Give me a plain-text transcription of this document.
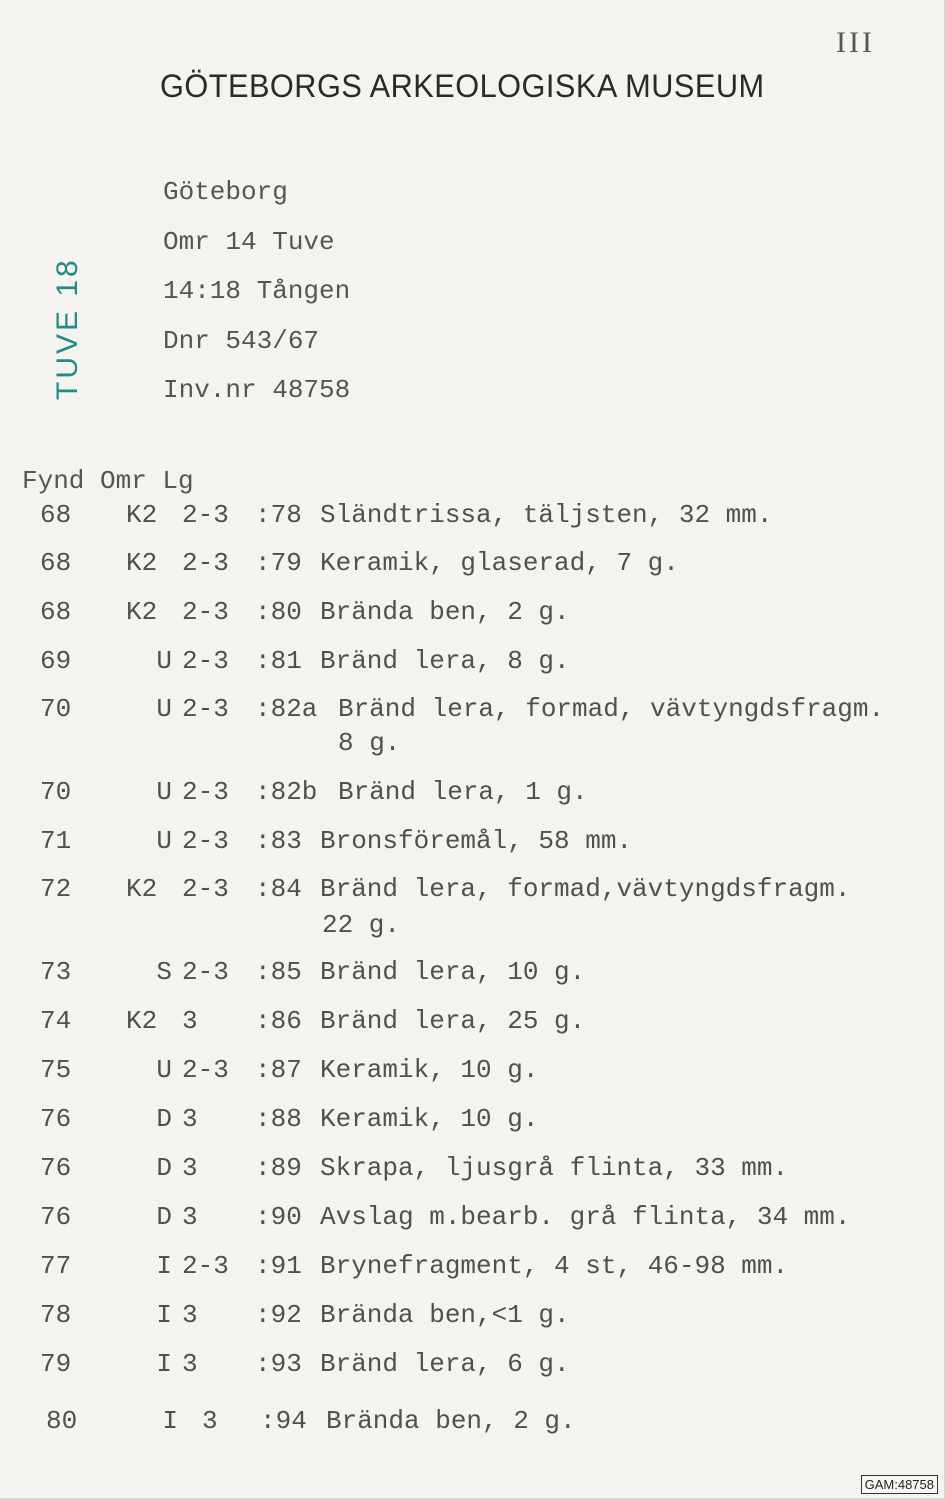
III
GÖTEBORGS ARKEOLOGISKA MUSEUM
TUVE 18
Göteborg
Omr 14 Tuve
14:18 Tången
Dnr 543/67
Inv.nr 48758
Fynd Omr Lg
68 K2 2-3 :78 Sländtrissa, täljsten, 32 mm.
68 K2 2-3 :79 Keramik, glaserad, 7 g.
68 K2 2-3 :80 Brända ben, 2 g.
69	U 2-3 :81 Bränd lera, 8 g.
70	U 2-3 :82a Bränd lera, formad, vävtyngdsfragm.
8 g.
70	U 2-3 :82b Bränd lera, 1 g.
71	U 2-3 :83 Bronsföremål, 58 mm.
72 K2 2-3 :84 Bränd lera, formad,vävtyngdsfragm.
22 g.
73	S 2-3 :85 Bränd lera, 10 g.
74 K2 3 :86 Bränd lera, 25 g.
75	U 2-3 :87 Keramik, 10 g.
76	D 3 :88 Keramik, 10 g.
76	D 3 :89 Skrapa, ljusgrå flinta, 33 mm.
76	D 3 :90 Avslag m.bearb. grå flinta, 34 mm.
77	I 2-3 :91 Brynefragment, 4 st, 46-98 mm.
78	I 3 :92 Brända ben,<1 g.
79	I 3 :93 Bränd lera, 6 g.
80	I 3 :94 Brända ben, 2 g.
GAM:48758
